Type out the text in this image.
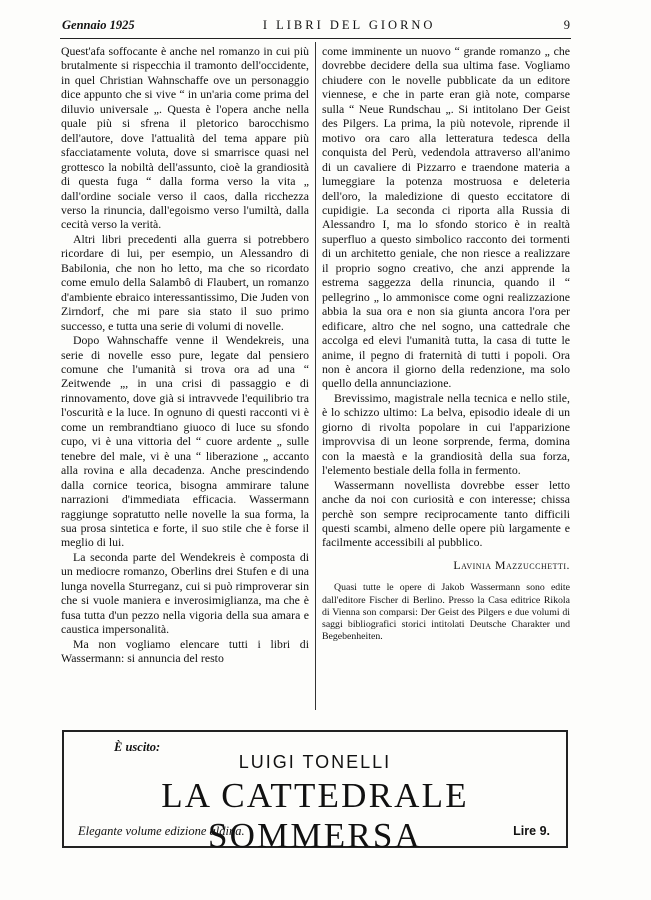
Gennaio 1925	I LIBRI DEL GIORNO	9

Quest'afa soffocante è anche nel romanzo in cui più brutalmente si rispecchia il tramonto dell'occidente, in quel Christian Wahnschaffe ove un personaggio dice appunto che si vive “ in un'aria come prima del diluvio universale „. Questa è l'opera anche nella quale più si sfrena il pletorico barocchismo dell'autore, dove l'attualità del tema appare più sfacciatamente voluta, dove si smarrisce quasi nel grottesco la nobiltà dell'assunto, cioè la grandiosità di questa fuga “ dalla forma verso la vita „ dall'ordine sociale verso il caos, dalla ricchezza verso la rinuncia, dall'egoismo verso l'umiltà, dalla cecità verso la verità.

Altri libri precedenti alla guerra si potrebbero ricordare di lui, per esempio, un Alessandro di Babilonia, che non ho letto, ma che so ricordato come emulo della Salambô di Flaubert, un romanzo d'ambiente ebraico interessantissimo, Die Juden von Zirndorf, che mi pare sia stato il suo primo successo, e tutta una serie di volumi di novelle.

Dopo Wahnschaffe venne il Wendekreis, una serie di novelle esso pure, legate dal pensiero comune che l'umanità si trova ora ad una “ Zeitwende „, in una crisi di passaggio e di rinnovamento, dove già si intravvede l'equilibrio tra l'oscurità e la luce. In ognuno di questi racconti vi è come un rembrandtiano giuoco di luce su sfondo cupo, vi è una vittoria del “ cuore ardente „ sulle tenebre del male, vi è una “ liberazione „ accanto alla rovina e alla decadenza. Anche prescindendo dalla cornice teorica, bisogna ammirare talune narrazioni d'immediata efficacia. Wassermann raggiunge sopratutto nelle novelle la sua forma, la sua prosa sintetica e forte, il suo stile che è forse il meglio di lui.

La seconda parte del Wendekreis è composta di un mediocre romanzo, Oberlins drei Stufen e di una lunga novella Sturreganz, cui si può rimproverar sin che si vuole maniera e inverosimiglianza, ma che è fusa tutta d'un pezzo nella vigoria della sua amara e caustica impersonalità.

Ma non vogliamo elencare tutti i libri di Wassermann: si annuncia del resto

come imminente un nuovo “ grande romanzo „ che dovrebbe decidere della sua ultima fase. Vogliamo chiudere con le novelle pubblicate da un editore viennese, e che in parte eran già note, comparse sulla “ Neue Rundschau „. Si intitolano Der Geist des Pilgers. La prima, la più notevole, riprende il motivo ora caro alla letteratura tedesca della conquista del Perù, vedendola attraverso all'animo di un cavaliere di Pizzarro e traendone materia a lumeggiare la potenza mostruosa e deleteria dell'oro, la maledizione di questo eccitatore di cupidigie. La seconda ci riporta alla Russia di Alessandro I, ma lo sfondo storico è in realtà superfluo a questo simbolico racconto dei tormenti di un architetto geniale, che non riesce a realizzare il proprio sogno creativo, che anzi apprende la estrema saggezza della rinuncia, quando il “ pellegrino „ lo ammonisce come ogni realizzazione abbia la sua ora e non sia giunta ancora l'ora per edificare, altro che nel sogno, una cattedrale che accolga ed elevi l'umanità tutta, la casa di tutte le anime, il pegno di fraternità di tutti i popoli. Ora non è ancora il giorno della redenzione, ma solo quello della annunciazione.

Brevissimo, magistrale nella tecnica e nello stile, è lo schizzo ultimo: La belva, episodio ideale di un giorno di rivolta popolare in cui l'apparizione improvvisa di un leone sorprende, ferma, domina con la maestà e la grandiosità della sua forza, l'elemento bestiale della folla in fermento.

Wassermann novellista dovrebbe esser letto anche da noi con curiosità e con interesse; chissa perchè son sempre reciprocamente tanto difficili questi scambi, almeno delle opere più largamente e facilmente accessibili al pubblico.

Lavinia Mazzucchetti.

Quasi tutte le opere di Jakob Wassermann sono edite dall'editore Fischer di Berlino. Presso la Casa editrice Rikola di Vienna son comparsi: Der Geist des Pilgers e due volumi di saggi bibliografici storici intitolati Deutsche Charakter und Begebenheiten.

È uscito:
LUIGI TONELLI
LA CATTEDRALE SOMMERSA
Elegante volume edizione aldina.	Lire 9.
